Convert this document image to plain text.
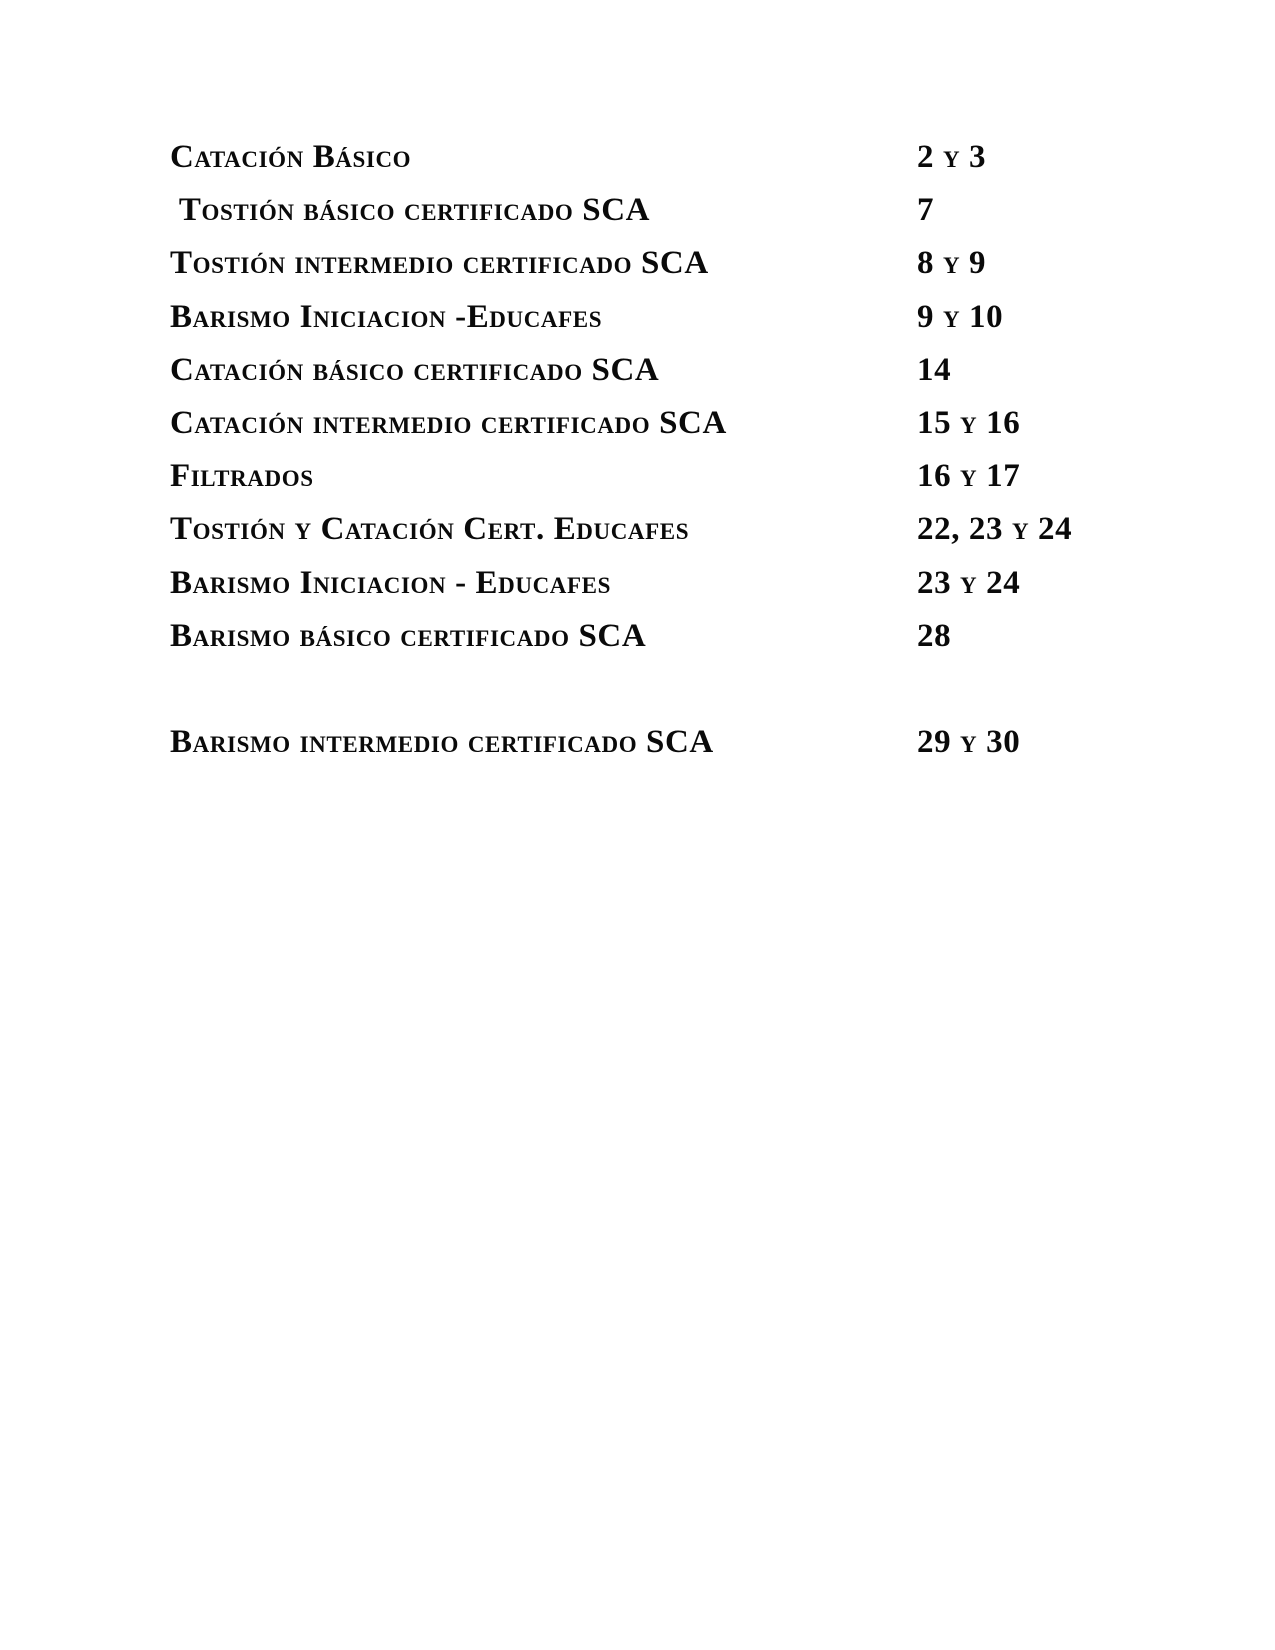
Catación Básico	2 y 3
Tostión básico certificado SCA	7
Tostión intermedio certificado SCA	8 y 9
Barismo Iniciacion -Educafes	9 y 10
Catación básico certificado SCA	14
Catación intermedio certificado SCA	15 y 16
Filtrados	16 y 17
Tostión y Catación Cert. Educafes	22, 23 y 24
Barismo Iniciacion - Educafes	23 y 24
Barismo básico certificado SCA	28
Barismo intermedio certificado SCA	29 y 30
